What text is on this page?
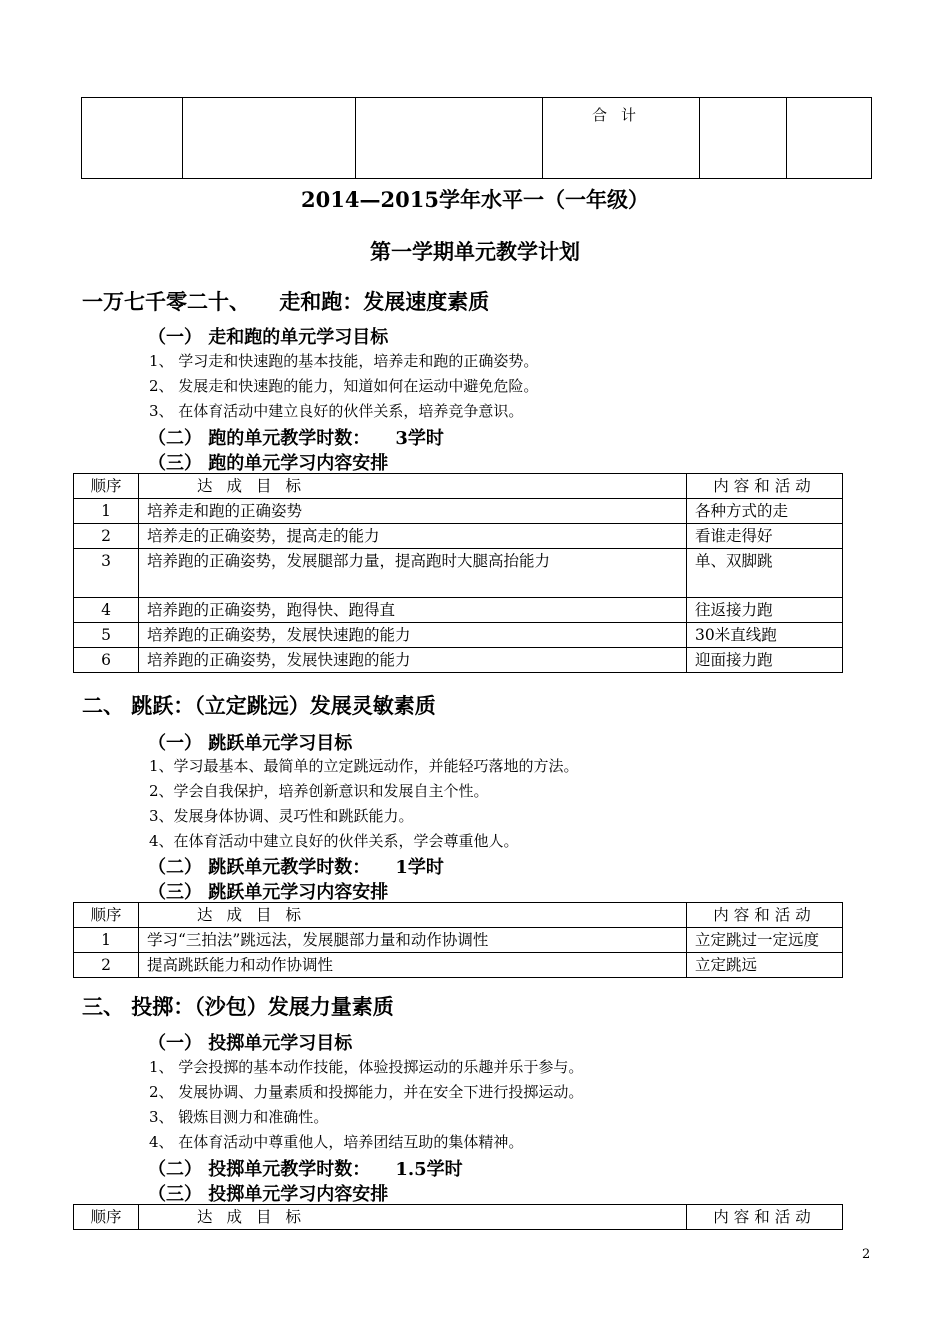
			合计		
2014—2015学年水平一（一年级）
第一学期单元教学计划
一万七千零二十、    走和跑：发展速度素质
（一） 走和跑的单元学习目标
1、 学习走和快速跑的基本技能，培养走和跑的正确姿势。
2、 发展走和快速跑的能力，知道如何在运动中避免危险。
3、 在体育活动中建立良好的伙伴关系，培养竞争意识。
（二） 跑的单元教学时数：    3学时
（三） 跑的单元学习内容安排
顺序	达成目标	内容和活动
1	培养走和跑的正确姿势	各种方式的走
2	培养走的正确姿势，提高走的能力	看谁走得好
3	培养跑的正确姿势，发展腿部力量，提高跑时大腿高抬能力	单、双脚跳
4	培养跑的正确姿势，跑得快、跑得直	往返接力跑
5	培养跑的正确姿势，发展快速跑的能力	30米直线跑
6	培养跑的正确姿势，发展快速跑的能力	迎面接力跑
二、 跳跃：（立定跳远）发展灵敏素质
（一） 跳跃单元学习目标
1、学习最基本、最简单的立定跳远动作，并能轻巧落地的方法。
2、学会自我保护，培养创新意识和发展自主个性。
3、发展身体协调、灵巧性和跳跃能力。
4、在体育活动中建立良好的伙伴关系，学会尊重他人。
（二） 跳跃单元教学时数：    1学时
（三） 跳跃单元学习内容安排
顺序	达成目标	内容和活动
1	学习“三拍法”跳远法，发展腿部力量和动作协调性	立定跳过一定远度
2	提高跳跃能力和动作协调性	立定跳远
三、 投掷：（沙包）发展力量素质
（一） 投掷单元学习目标
1、 学会投掷的基本动作技能，体验投掷运动的乐趣并乐于参与。
2、 发展协调、力量素质和投掷能力，并在安全下进行投掷运动。
3、 锻炼目测力和准确性。
4、 在体育活动中尊重他人，培养团结互助的集体精神。
（二） 投掷单元教学时数：    1.5学时
（三） 投掷单元学习内容安排
顺序	达成目标	内容和活动
2
